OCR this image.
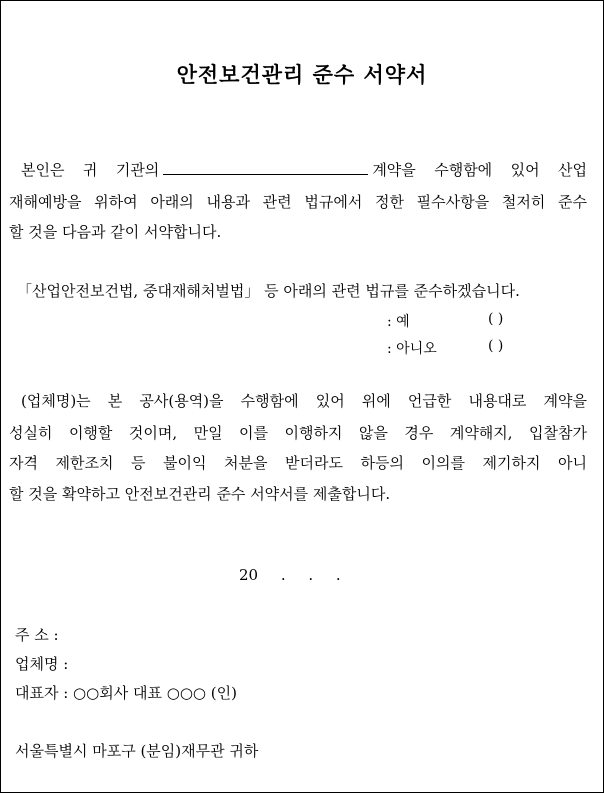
안전보건관리 준수 서약서
본인은 귀 기관의	계약을 수행함에 있어 산업
재해예방을 위하여 아래의 내용과 관련 법규에서 정한 필수사항을 철저히 준수
할 것을 다음과 같이 서약합니다.
「산업안전보건법, 중대재해처벌법」 등 아래의 관련 법규를 준수하겠습니다.
: 예	( )
: 아니오	( )
(업체명)는 본 공사(용역)을 수행함에 있어 위에 언급한 내용대로 계약을
성실히 이행할 것이며, 만일 이를 이행하지 않을 경우 계약해지, 입찰참가
자격 제한조치 등 불이익 처분을 받더라도 하등의 이의를 제기하지 아니
할 것을 확약하고 안전보건관리 준수 서약서를 제출합니다.
20 . . .
주 소 :
업체명 :
대표자 : ○○회사 대표 ○○○ (인)
서울특별시 마포구 (분임)재무관 귀하
